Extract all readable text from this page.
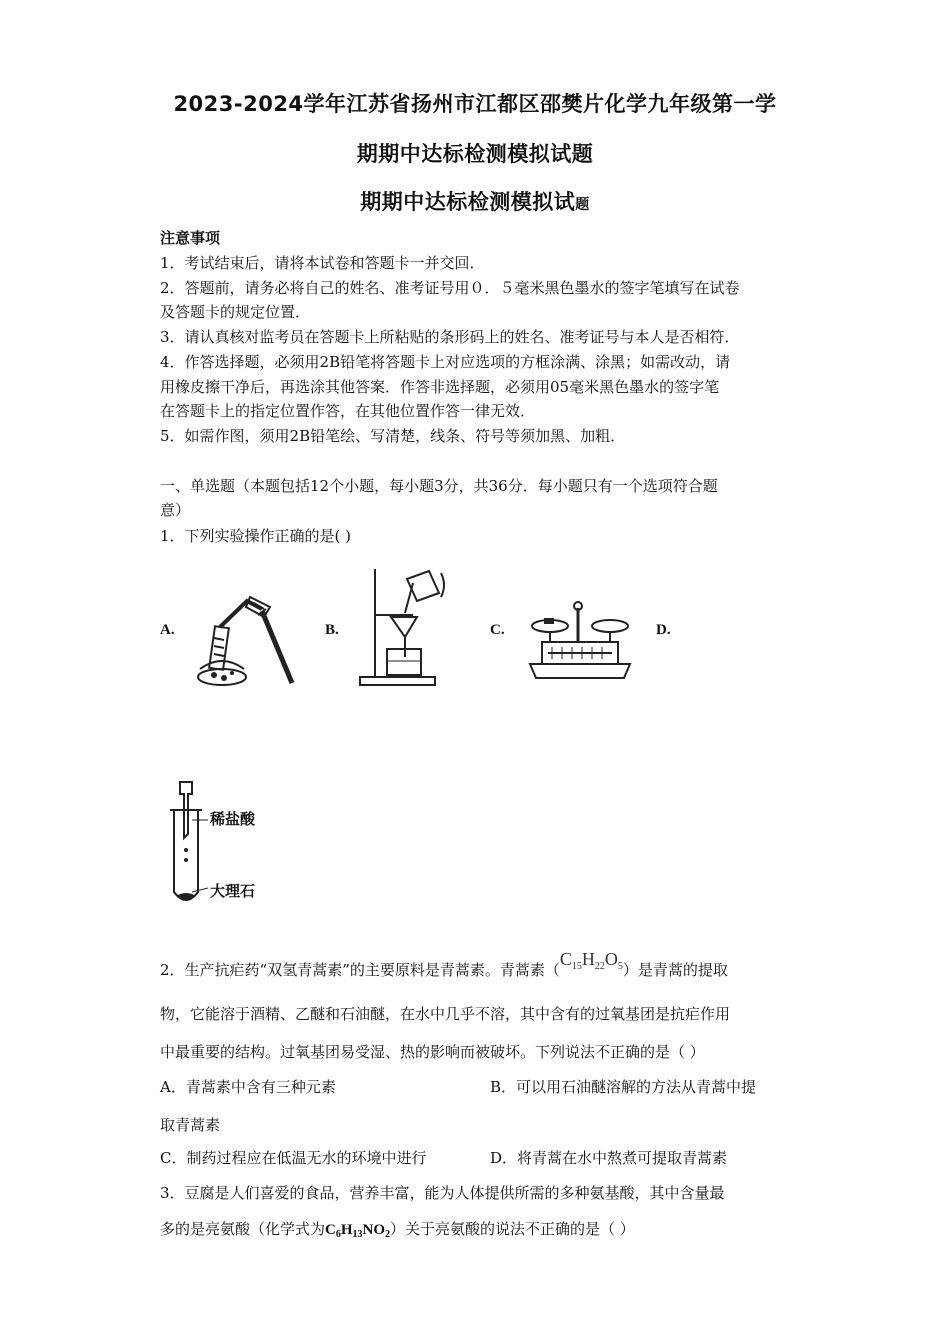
2023-2024学年江苏省扬州市江都区邵樊片化学九年级第一学
期期中达标检测模拟试题
期期中达标检测模拟试题
注意事项
1．考试结束后，请将本试卷和答题卡一并交回．
2．答题前，请务必将自己的姓名、准考证号用０．５毫米黑色墨水的签字笔填写在试卷
及答题卡的规定位置．
3．请认真核对监考员在答题卡上所粘贴的条形码上的姓名、准考证号与本人是否相符．
4．作答选择题，必须用2B铅笔将答题卡上对应选项的方框涂满、涂黑；如需改动，请
用橡皮擦干净后，再选涂其他答案．作答非选择题，必须用05毫米黑色墨水的签字笔
在答题卡上的指定位置作答，在其他位置作答一律无效．
5．如需作图，须用2B铅笔绘、写清楚，线条、符号等须加黑、加粗．
一、单选题（本题包括12个小题，每小题3分，共36分．每小题只有一个选项符合题
意）
1．下列实验操作正确的是( )
A.	B.	C.	D.
稀盐酸
大理石
2．生产抗疟药“双氢青蒿素”的主要原料是青蒿素。青蒿素$(C_{15}H_{22}O_5)$是青蒿的提取
物，它能溶于酒精、乙醚和石油醚，在水中几乎不溶，其中含有的过氧基团是抗疟作用
中最重要的结构。过氧基团易受湿、热的影响而被破坏。下列说法不正确的是（ ）
A．青蒿素中含有三种元素	B．可以用石油醚溶解的方法从青蒿中提
取青蒿素
C．制药过程应在低温无水的环境中进行	D．将青蒿在水中熬煮可提取青蒿素
3．豆腐是人们喜爱的食品，营养丰富，能为人体提供所需的多种氨基酸，其中含量最
多的是亮氨酸（化学式为$C_6H_{13}NO_2$）关于亮氨酸的说法不正确的是（ ）
